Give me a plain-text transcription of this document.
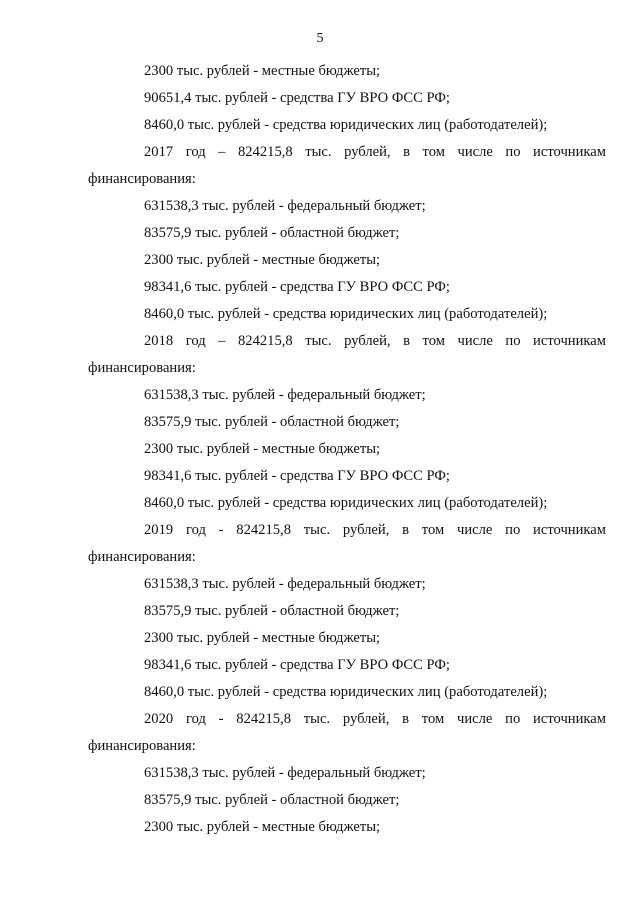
5
2300 тыс. рублей - местные бюджеты;
90651,4 тыс. рублей - средства ГУ ВРО ФСС РФ;
8460,0 тыс. рублей - средства юридических лиц (работодателей);
2017 год – 824215,8 тыс. рублей, в том числе по источникам
финансирования:
631538,3 тыс. рублей - федеральный бюджет;
83575,9 тыс. рублей - областной бюджет;
2300 тыс. рублей - местные бюджеты;
98341,6 тыс. рублей - средства ГУ ВРО ФСС РФ;
8460,0 тыс. рублей - средства юридических лиц (работодателей);
2018 год – 824215,8 тыс. рублей, в том числе по источникам
финансирования:
631538,3 тыс. рублей - федеральный бюджет;
83575,9 тыс. рублей - областной бюджет;
2300 тыс. рублей - местные бюджеты;
98341,6 тыс. рублей - средства ГУ ВРО ФСС РФ;
8460,0 тыс. рублей - средства юридических лиц (работодателей);
2019 год - 824215,8 тыс. рублей, в том числе по источникам
финансирования:
631538,3 тыс. рублей - федеральный бюджет;
83575,9 тыс. рублей - областной бюджет;
2300 тыс. рублей - местные бюджеты;
98341,6 тыс. рублей - средства ГУ ВРО ФСС РФ;
8460,0 тыс. рублей - средства юридических лиц (работодателей);
2020 год - 824215,8 тыс. рублей, в том числе по источникам
финансирования:
631538,3 тыс. рублей - федеральный бюджет;
83575,9 тыс. рублей - областной бюджет;
2300 тыс. рублей - местные бюджеты;
